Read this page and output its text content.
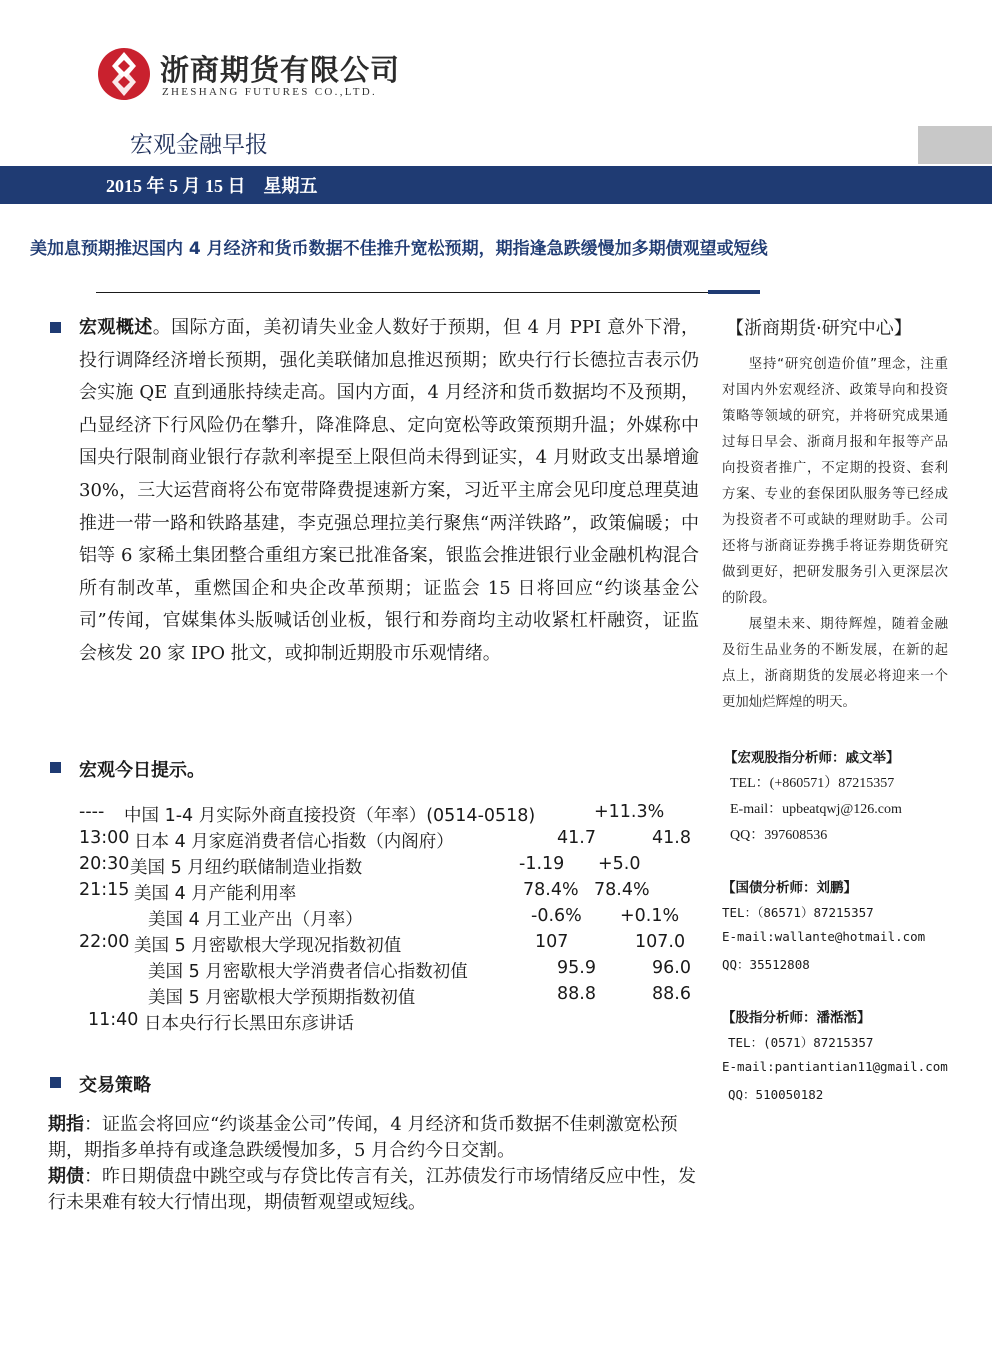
浙商期货有限公司
ZHESHANG FUTURES CO.,LTD.
宏观金融早报
2015 年 5 月 15 日　星期五
美加息预期推迟国内 4 月经济和货币数据不佳推升宽松预期，期指逢急跌缓慢加多期债观望或短线
宏观概述。国际方面，美初请失业金人数好于预期，但 4 月 PPI 意外下滑，投行调降经济增长预期，强化美联储加息推迟预期；欧央行行长德拉吉表示仍会实施 QE 直到通胀持续走高。国内方面，4 月经济和货币数据均不及预期，凸显经济下行风险仍在攀升，降准降息、定向宽松等政策预期升温；外媒称中国央行限制商业银行存款利率提至上限但尚未得到证实，4 月财政支出暴增逾 30%，三大运营商将公布宽带降费提速新方案，习近平主席会见印度总理莫迪推进一带一路和铁路基建，李克强总理拉美行聚焦“两洋铁路”，政策偏暖；中铝等 6 家稀土集团整合重组方案已批准备案，银监会推进银行业金融机构混合所有制改革，重燃国企和央企改革预期；证监会 15 日将回应“约谈基金公司”传闻，官媒集体头版喊话创业板，银行和券商均主动收紧杠杆融资，证监会核发 20 家 IPO 批文，或抑制近期股市乐观情绪。
宏观今日提示。
---- 中国 1-4 月实际外商直接投资（年率）(0514-0518)	+11.3%
13:00 日本 4 月家庭消费者信心指数（内阁府）	41.7	41.8
20:30 美国 5 月纽约联储制造业指数	-1.19 +5.0
21:15 美国 4 月产能利用率	78.4% 78.4%
美国 4 月工业产出（月率）	-0.6% +0.1%
22:00 美国 5 月密歇根大学现况指数初值	107	107.0
美国 5 月密歇根大学消费者信心指数初值	95.9	96.0
美国 5 月密歇根大学预期指数初值	88.8	88.6
11:40 日本央行行长黑田东彦讲话
交易策略

期指：证监会将回应“约谈基金公司”传闻，4 月经济和货币数据不佳刺激宽松预期，期指多单持有或逢急跌缓慢加多，5 月合约今日交割。

期债：昨日期债盘中跳空或与存贷比传言有关，江苏债发行市场情绪反应中性，发行未果难有较大行情出现，期债暂观望或短线。

【浙商期货·研究中心】

坚持“研究创造价值”理念，注重对国内外宏观经济、政策导向和投资策略等领域的研究，并将研究成果通过每日早会、浙商月报和年报等产品向投资者推广，不定期的投资、套利方案、专业的套保团队服务等已经成为投资者不可或缺的理财助手。公司还将与浙商证券携手将证券期货研究做到更好，把研发服务引入更深层次的阶段。

展望未来、期待辉煌，随着金融及衍生品业务的不断发展，在新的起点上，浙商期货的发展必将迎来一个更加灿烂辉煌的明天。

【宏观股指分析师：戚文举】
TEL：(+860571）87215357
E-mail：upbeatqwj@126.com
QQ：397608536
【国债分析师：刘鹏】
TEL：（86571）87215357
E-mail:wallante@hotmail.com
QQ：35512808
【股指分析师：潘湉湉】
TEL：(0571）87215357
E-mail:pantiantian11@gmail.com
QQ：510050182
